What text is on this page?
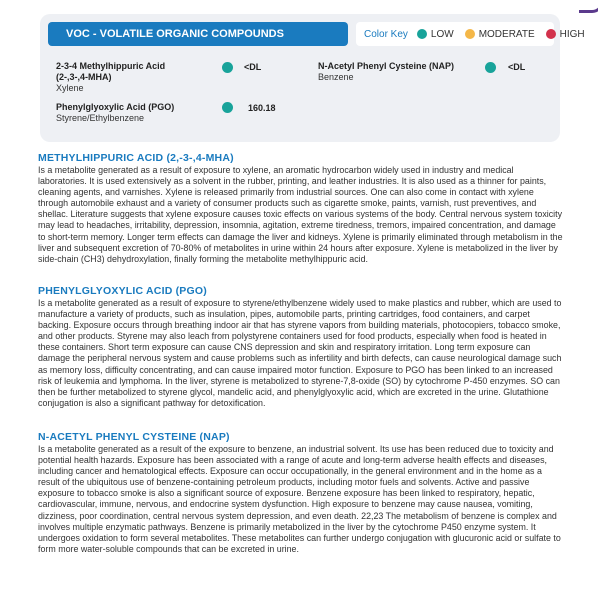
VOC - VOLATILE ORGANIC COMPOUNDS	Color Key LOW	MODERATE	HIGH
2-3-4 Methylhippuric Acid (2-,3-,4-MHA)
Xylene
<DL
Phenylglyoxylic Acid (PGO)
Styrene/Ethylbenzene
160.18
N-Acetyl Phenyl Cysteine (NAP)
Benzene
<DL
METHYLHIPPURIC ACID (2,-3-,4-MHA)

Is a metabolite generated as a result of exposure to xylene, an aromatic hydrocarbon widely used in industry and medical laboratories. It is used extensively as a solvent in the rubber, printing, and leather industries. It is also used as a thinner for paints, cleaning agents, and varnishes. Xylene is released primarily from industrial sources. One can also come in contact with xylene through automobile exhaust and a variety of consumer products such as cigarette smoke, paints, varnish, rust preventives, and shellac. Literature suggests that xylene exposure causes toxic effects on various systems of the body. Central nervous system toxicity may lead to headaches, irritability, depression, insomnia, agitation, extreme tiredness, tremors, impaired concentration, and damage to short-term memory. Longer term effects can damage the liver and kidneys. Xylene is primarily eliminated through metabolism in the liver and subsequent excretion of 70-80% of metabolites in urine within 24 hours after exposure. Xylene is metabolized in the liver by side-chain (CH3) dehydroxylation, finally forming the metabolite methylhippuric acid.

PHENYLGLYOXYLIC ACID (PGO)

Is a metabolite generated as a result of exposure to styrene/ethylbenzene widely used to make plastics and rubber, which are used to manufacture a variety of products, such as insulation, pipes, automobile parts, printing cartridges, food containers, and carpet backing. Exposure occurs through breathing indoor air that has styrene vapors from building materials, photocopiers, tobacco smoke, and other products. Styrene may also leach from polystyrene containers used for food products, especially when food is heated in these containers. Short term exposure can cause CNS depression and skin and respiratory irritation. Long term exposure can damage the peripheral nervous system and cause problems such as infertility and birth defects, can cause neurological damage such as memory loss, difficulty concentrating, and can cause impaired motor function. Exposure to PGO has been linked to an increased risk of leukemia and lymphoma. In the liver, styrene is metabolized to styrene-7,8-oxide (SO) by cytochrome P-450 enzymes. SO can then be further metabolized to styrene glycol, mandelic acid, and phenylglyoxylic acid, which are excreted in the urine. Glutathione conjugation is also a significant pathway for detoxification.

N-ACETYL PHENYL CYSTEINE (NAP)

Is a metabolite generated as a result of the exposure to benzene, an industrial solvent. Its use has been reduced due to toxicity and potential health hazards. Exposure has been associated with a range of acute and long-term adverse health effects and diseases, including cancer and hematological effects. Exposure can occur occupationally, in the general environment and in the home as a result of the ubiquitous use of benzene-containing petroleum products, including motor fuels and solvents. Active and passive exposure to tobacco smoke is also a significant source of exposure. Benzene exposure has been linked to respiratory, hepatic, cardiovascular, immune, nervous, and endocrine system dysfunction. High exposure to benzene may cause nausea, vomiting, dizziness, poor coordination, central nervous system depression, and even death. 22,23 The metabolism of benzene is complex and involves multiple enzymatic pathways. Benzene is primarily metabolized in the liver by the cytochrome P450 enzyme system. It undergoes oxidation to form several metabolites. These metabolites can further undergo conjugation with glucuronic acid or sulfate to form more water-soluble compounds that can be excreted in urine.
